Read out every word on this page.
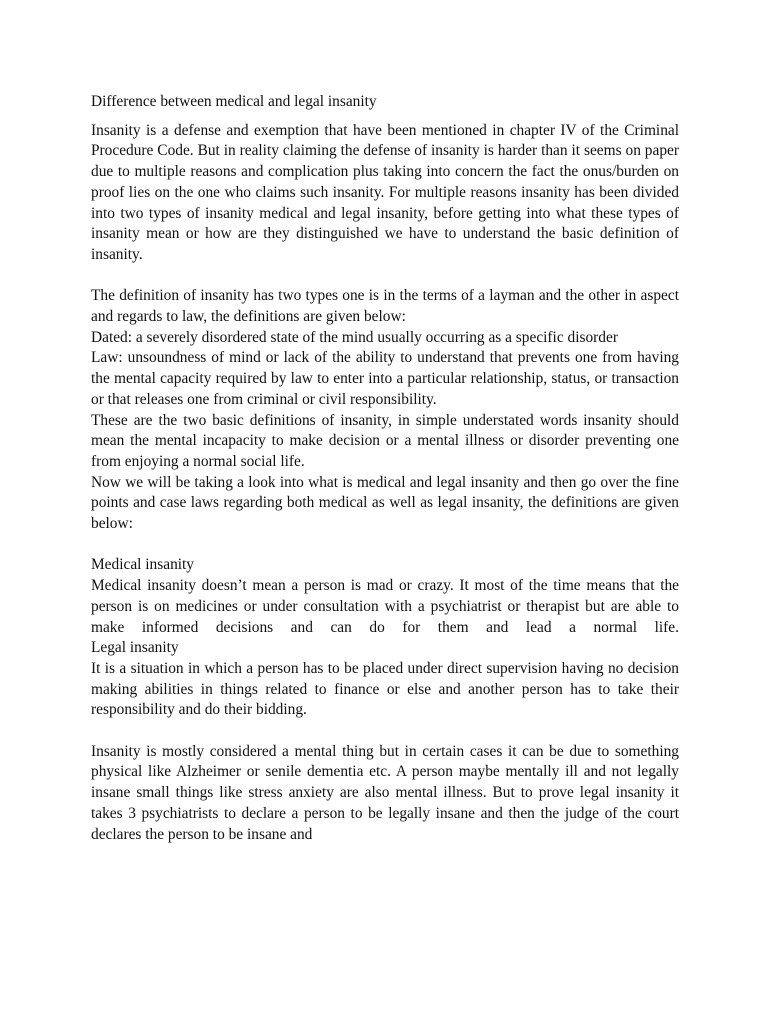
Difference between medical and legal insanity

Insanity is a defense and exemption that have been mentioned in chapter IV of the Criminal Procedure Code. But in reality claiming the defense of insanity is harder than it seems on paper due to multiple reasons and complication plus taking into concern the fact the onus/burden on proof lies on the one who claims such insanity. For multiple reasons insanity has been divided into two types of insanity medical and legal insanity, before getting into what these types of insanity mean or how are they distinguished we have to understand the basic definition of insanity.

The definition of insanity has two types one is in the terms of a layman and the other in aspect and regards to law, the definitions are given below:

Dated: a severely disordered state of the mind usually occurring as a specific disorder

Law: unsoundness of mind or lack of the ability to understand that prevents one from having the mental capacity required by law to enter into a particular relationship, status, or transaction or that releases one from criminal or civil responsibility.

These are the two basic definitions of insanity, in simple understated words insanity should mean the mental incapacity to make decision or a mental illness or disorder preventing one from enjoying a normal social life.

Now we will be taking a look into what is medical and legal insanity and then go over the fine points and case laws regarding both medical as well as legal insanity, the definitions are given below:

Medical insanity

Medical insanity doesn’t mean a person is mad or crazy. It most of the time means that the person is on medicines or under consultation with a psychiatrist or therapist but are able to make informed decisions and can do for them and lead a normal life.

Legal insanity

It is a situation in which a person has to be placed under direct supervision having no decision making abilities in things related to finance or else and another person has to take their responsibility and do their bidding.

Insanity is mostly considered a mental thing but in certain cases it can be due to something physical like Alzheimer or senile dementia etc. A person maybe mentally ill and not legally insane small things like stress anxiety are also mental illness. But to prove legal insanity it takes 3 psychiatrists to declare a person to be legally insane and then the judge of the court declares the person to be insane and
